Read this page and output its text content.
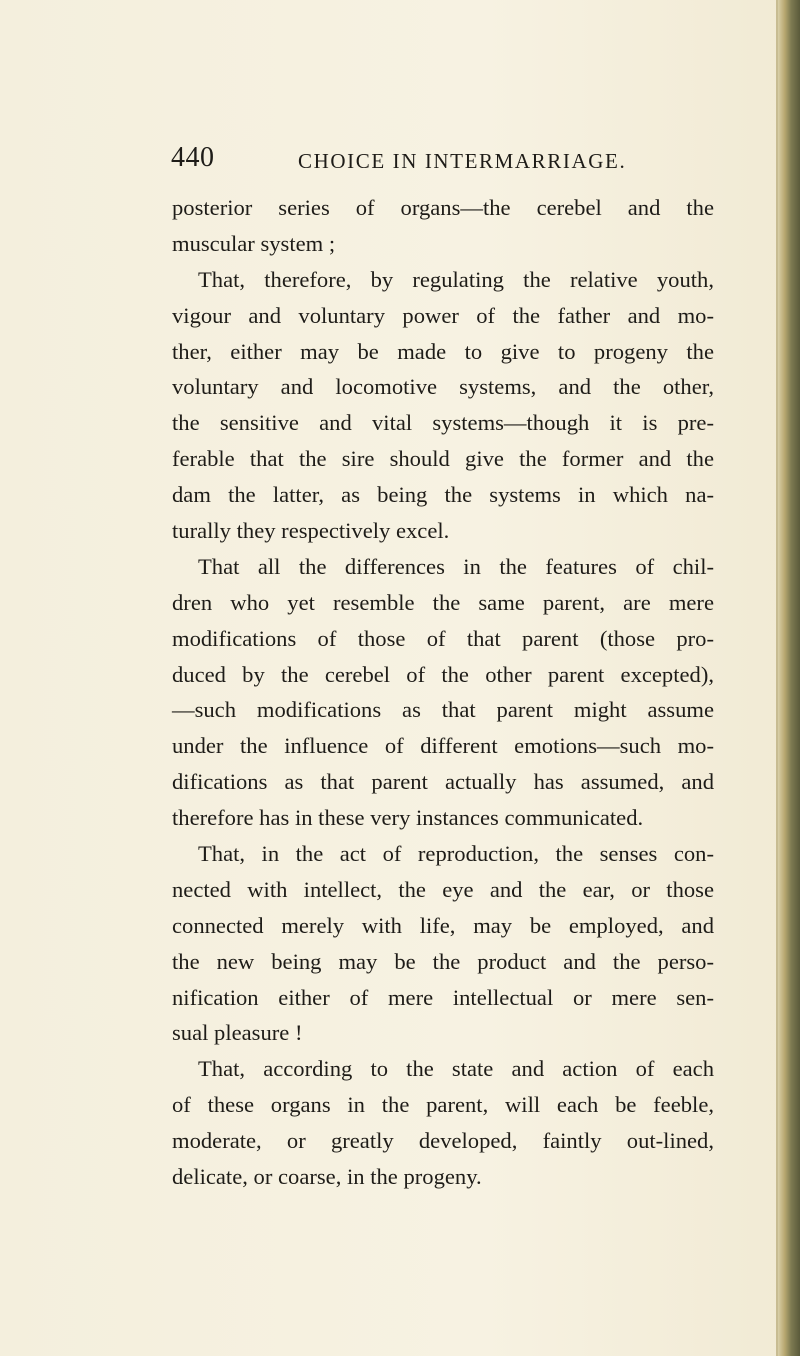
440	CHOICE IN INTERMARRIAGE.
posterior series of organs—the cerebel and the
muscular system ;
That, therefore, by regulating the relative youth,
vigour and voluntary power of the father and mo-
ther, either may be made to give to progeny the
voluntary and locomotive systems, and the other,
the sensitive and vital systems—though it is pre-
ferable that the sire should give the former and the
dam the latter, as being the systems in which na-
turally they respectively excel.
That all the differences in the features of chil-
dren who yet resemble the same parent, are mere
modifications of those of that parent (those pro-
duced by the cerebel of the other parent excepted),
—such modifications as that parent might assume
under the influence of different emotions—such mo-
difications as that parent actually has assumed, and
therefore has in these very instances communicated.
That, in the act of reproduction, the senses con-
nected with intellect, the eye and the ear, or those
connected merely with life, may be employed, and
the new being may be the product and the perso-
nification either of mere intellectual or mere sen-
sual pleasure !
That, according to the state and action of each
of these organs in the parent, will each be feeble,
moderate, or greatly developed, faintly out-lined,
delicate, or coarse, in the progeny.
